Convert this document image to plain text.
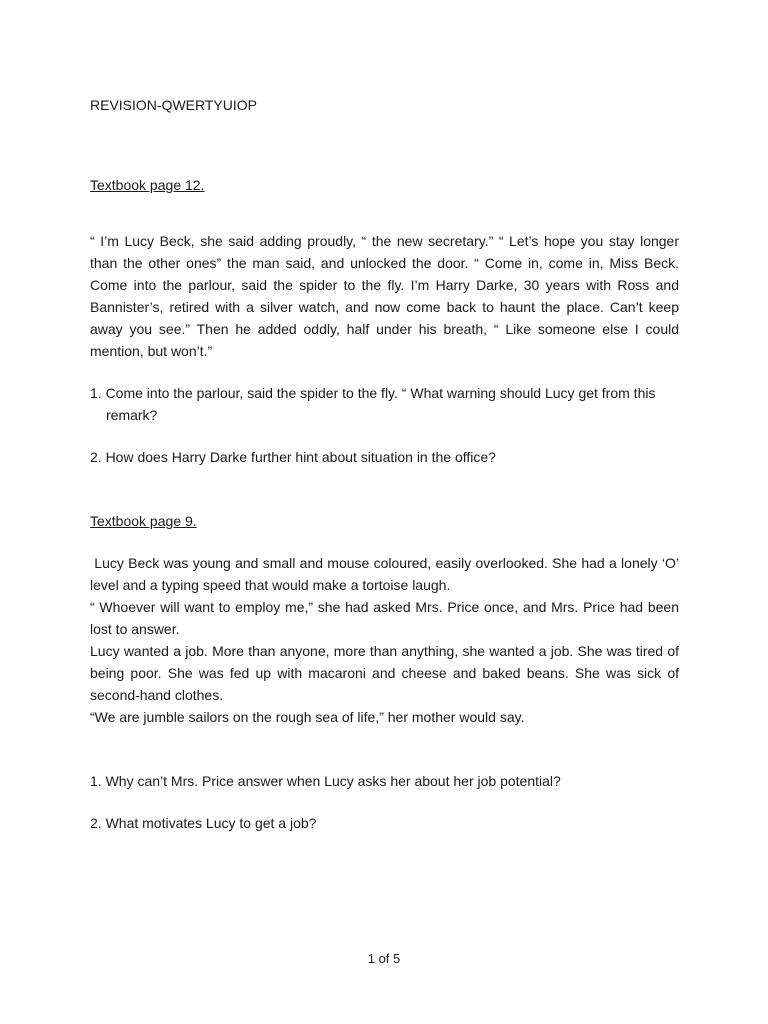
REVISION-QWERTYUIOP
Textbook page 12.

“ I’m Lucy Beck, she said adding proudly, “ the new secretary.” “ Let’s hope you stay longer than the other ones” the man said, and unlocked the door. “ Come in, come in, Miss Beck. Come into the parlour, said the spider to the fly. I’m Harry Darke, 30 years with Ross and Bannister’s, retired with a silver watch, and now come back to haunt the place. Can’t keep away you see.” Then he added oddly, half under his breath, “ Like someone else I could mention, but won’t.”

1. Come into the parlour, said the spider to the fly. “ What warning should Lucy get from this remark?

2. How does Harry Darke further hint about situation in the office?

Textbook page 9.

Lucy Beck was young and small and mouse coloured, easily overlooked. She had a lonely ‘O’ level and a typing speed that would make a tortoise laugh.

“ Whoever will want to employ me,” she had asked Mrs. Price once, and Mrs. Price had been lost to answer.

Lucy wanted a job. More than anyone, more than anything, she wanted a job. She was tired of being poor. She was fed up with macaroni and cheese and baked beans. She was sick of second-hand clothes.

“We are jumble sailors on the rough sea of life,” her mother would say.

1. Why can’t Mrs. Price answer when Lucy asks her about her job potential?

2. What motivates Lucy to get a job?

1 of 5
